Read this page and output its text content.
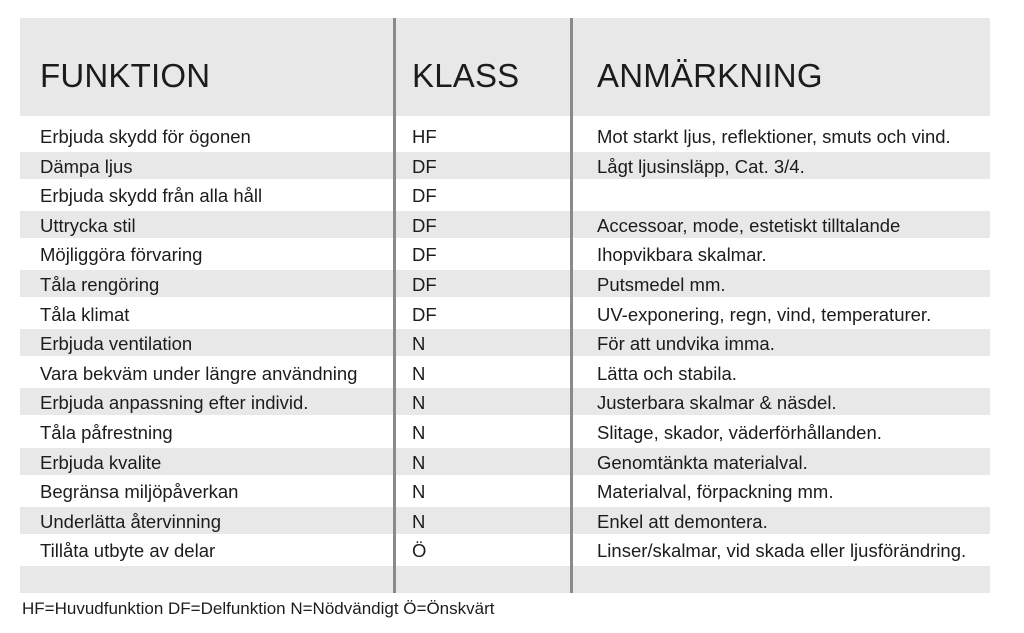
FUNKTION	KLASS ANMÄRKNING
Erbjuda skydd för ögonen	HF	Mot starkt ljus, reflektioner, smuts och vind.
Dämpa ljus	DF	Lågt ljusinsläpp, Cat. 3/4.
Erbjuda skydd från alla håll	DF
Uttrycka stil	DF	Accessoar, mode, estetiskt tilltalande
Möjliggöra förvaring	DF	Ihopvikbara skalmar.
Tåla rengöring	DF	Putsmedel mm.
Tåla klimat	DF	UV-exponering, regn, vind, temperaturer.
Erbjuda ventilation	N	För att undvika imma.
Vara bekväm under längre användning	N	Lätta och stabila.
Erbjuda anpassning efter individ.	N	Justerbara skalmar & näsdel.
Tåla påfrestning	N	Slitage, skador, väderförhållanden.
Erbjuda kvalite	N	Genomtänkta materialval.
Begränsa miljöpåverkan	N	Materialval, förpackning mm.
Underlätta återvinning	N	Enkel att demontera.
Tillåta utbyte av delar	Ö	Linser/skalmar, vid skada eller ljusförändring.
HF=Huvudfunktion DF=Delfunktion N=Nödvändigt Ö=Önskvärt
